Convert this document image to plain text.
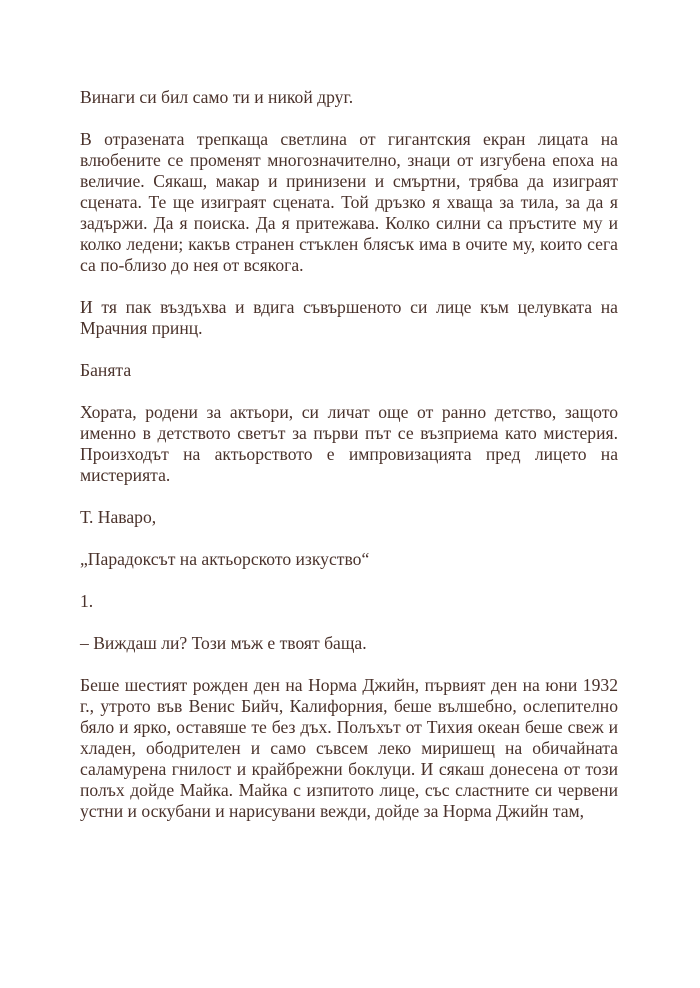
Винаги си бил само ти и никой друг.

В отразената трепкаща светлина от гигантския екран лицата на влюбените се променят многозначително, знаци от изгубена епоха на величие. Сякаш, макар и принизени и смъртни, трябва да изиграят сцената. Те ще изиграят сцената. Той дръзко я хваща за тила, за да я задържи. Да я поиска. Да я притежава. Колко силни са пръстите му и колко ледени; какъв странен стъклен блясък има в очите му, които сега са по-близо до нея от всякога.

И тя пак въздъхва и вдига съвършеното си лице към целувката на Мрачния принц.

Банята

Хората, родени за актьори, си личат още от ранно детство, защото именно в детството светът за първи път се възприема като мистерия. Произходът на актьорството е импровизацията пред лицето на мистерията.

Т. Наваро,

„Парадоксът на актьорското изкуство“

1.

– Виждаш ли? Този мъж е твоят баща.

Беше шестият рожден ден на Норма Джийн, първият ден на юни 1932 г., утрото във Венис Бийч, Калифорния, беше вълшебно, ослепително бяло и ярко, оставяше те без дъх. Полъхът от Тихия океан беше свеж и хладен, ободрителен и само съвсем леко миришещ на обичайната саламурена гнилост и крайбрежни боклуци. И сякаш донесена от този полъх дойде Майка. Майка с изпитото лице, със сластните си червени устни и оскубани и нарисувани вежди, дойде за Норма Джийн там,
